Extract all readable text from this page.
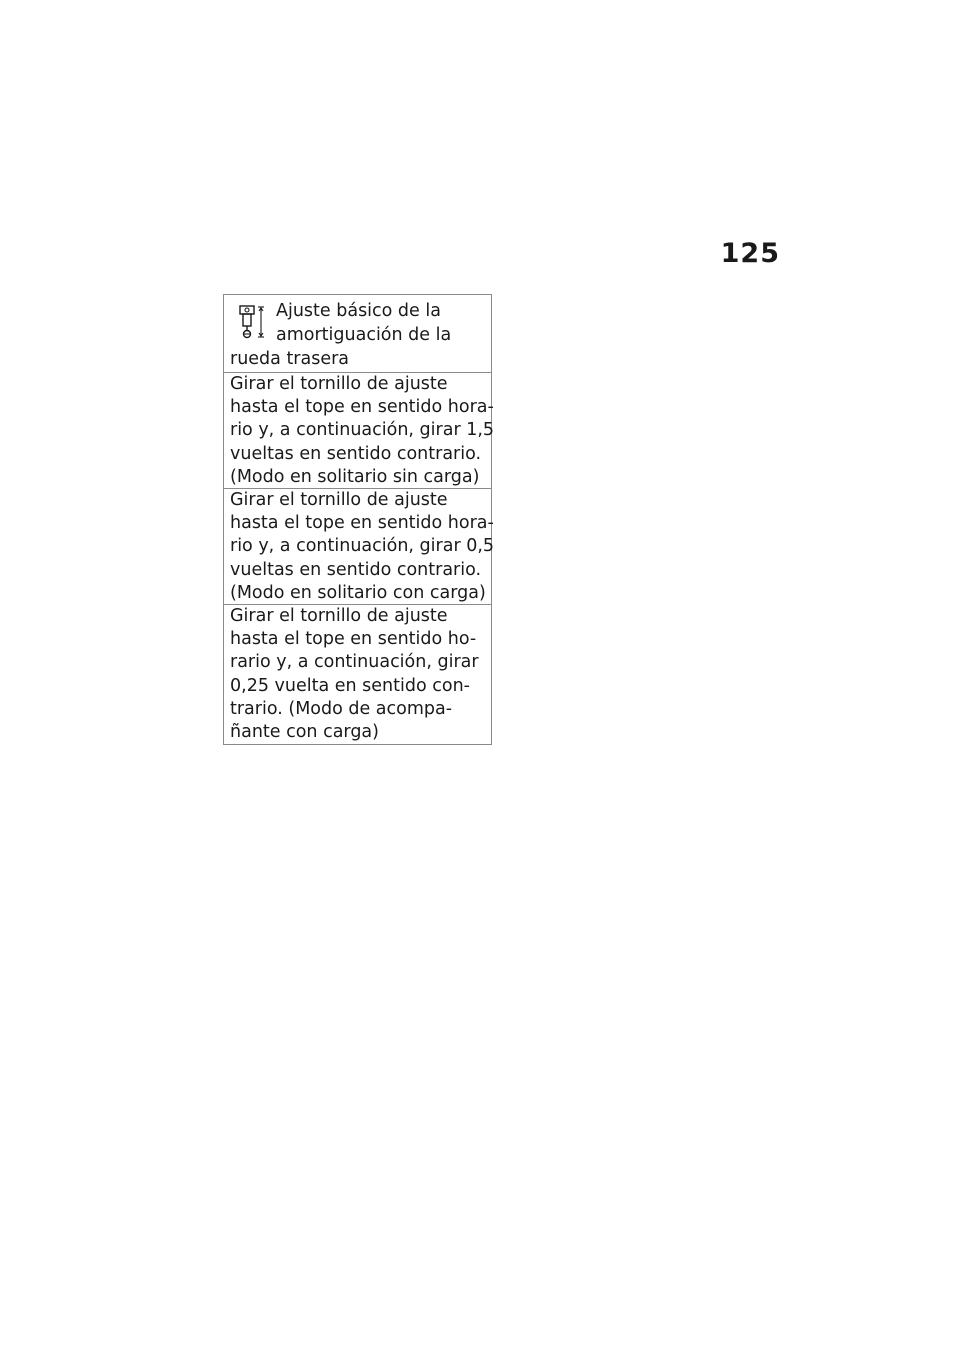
125
Ajuste básico de la
amortiguación de la
rueda trasera
Girar el tornillo de ajuste
hasta el tope en sentido hora-
rio y, a continuación, girar 1,5
vueltas en sentido contrario.
(Modo en solitario sin carga)
Girar el tornillo de ajuste
hasta el tope en sentido hora-
rio y, a continuación, girar 0,5
vueltas en sentido contrario.
(Modo en solitario con carga)
Girar el tornillo de ajuste
hasta el tope en sentido ho-
rario y, a continuación, girar
0,25 vuelta en sentido con-
trario. (Modo de acompa-
ñante con carga)
